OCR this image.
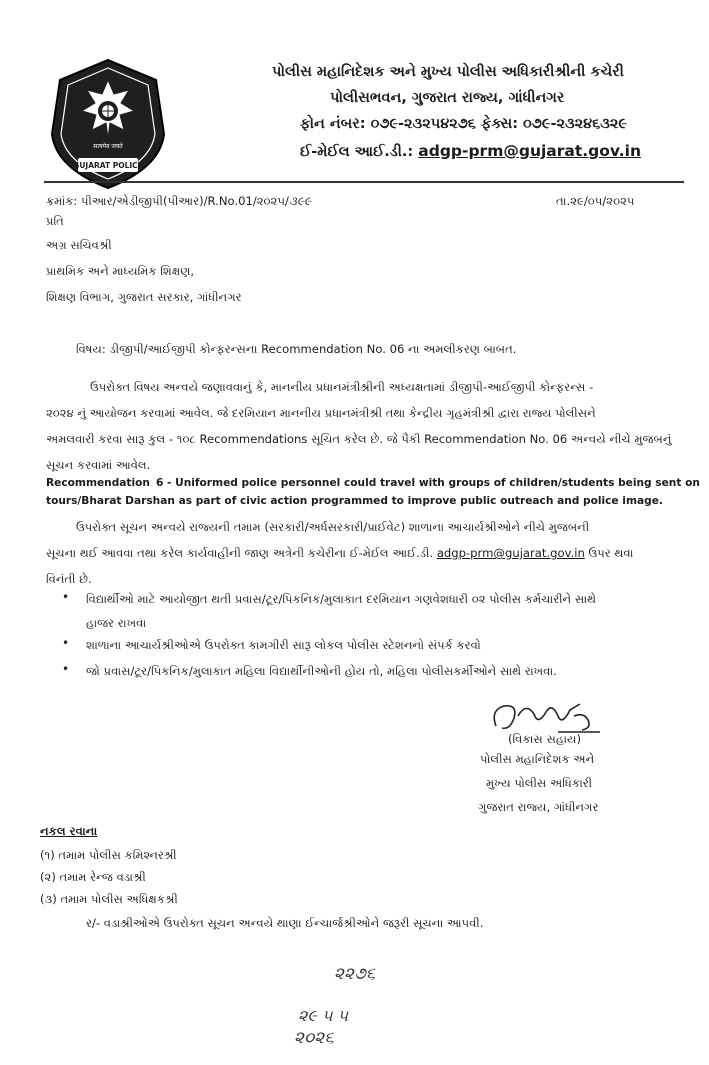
सत्यमेव जयते
GUJARAT POLICE
પોલીસ મહાનિદેશક અને મુખ્ય પોલીસ અધિકારીશ્રીની કચેરી
પોલીસભવન, ગુજરાત રાજ્ય, ગાંધીનગર
ફોન નંબર: ૦૭૯-૨૩૨૫૪૨૭૬ ફેક્સ: ૦૭૯-૨૩૨૪૬૩૨૯
ઈ-મેઈલ આઈ.ડી.: adgp-prm@gujarat.gov.in
ક્રમાંક: પીઆર/એડીજીપી(પીઆર)/R.No.01/૨૦૨૫/૩૯૯	તા.૨૯/૦૫/૨૦૨૫
પ્રતિ
અગ્ર સચિવશ્રી
પ્રાથમિક અને માધ્યમિક શિક્ષણ,
શિક્ષણ વિભાગ, ગુજરાત સરકાર, ગાંધીનગર
વિષય: ડીજીપી/આઈજીપી કોન્ફરન્સના Recommendation No. 06 ના અમલીકરણ બાબત.
ઉપરોક્ત વિષય અન્વયે જણાવવાનું કે, માનનીય પ્રધાનમંત્રીશ્રીની અધ્યક્ષતામાં ડીજીપી-આઈજીપી કોન્ફરન્સ -
૨૦૨૪ નું આયોજન કરવામાં આવેલ. જે દરમિયાન માનનીય પ્રધાનમંત્રીશ્રી તથા કેન્દ્રીય ગૃહમંત્રીશ્રી દ્વારા રાજ્ય પોલીસને
અમલવારી કરવા સારૂ કુલ - ૧૦૮ Recommendations સૂચિત કરેલ છે. જે પૈકી Recommendation No. 06 અન્વયે નીચે મુજબનું
સૂચન કરવામાં આવેલ.
Recommendation 6 - Uniformed police personnel could travel with groups of children/students being sent on
tours/Bharat Darshan as part of civic action programmed to improve public outreach and police image.
ઉપરોક્ત સૂચન અન્વયે રાજ્યની તમામ (સરકારી/અર્ધસરકારી/પ્રાઈવેટ) શાળાના આચાર્યશ્રીઓને નીચે મુજબની
સૂચના થઈ આવવા તથા કરેલ કાર્યવાહીની જાણ અત્રેની કચેરીના ઈ-મેઈલ આઈ.ડી. adgp-prm@gujarat.gov.in ઉપર થવા
વિનંતી છે.
• વિદ્યાર્થીઓ માટે આયોજીત થતી પ્રવાસ/ટૂર/પિકનિક/મુલાકાત દરમિયાન ગણવેશધારી ૦૨ પોલીસ કર્મચારીને સાથે
હાજર રાખવા
• શાળાના આચાર્યશ્રીઓએ ઉપરોક્ત કામગીરી સારૂ લોકલ પોલીસ સ્ટેશનનો સંપર્ક કરવો
• જો પ્રવાસ/ટૂર/પિકનિક/મુલાકાત મહિલા વિદ્યાર્થીનીઓની હોય તો, મહિલા પોલીસકર્મીઓને સાથે રાખવા.
(વિકાસ સહાય)
પોલીસ મહાનિદેશક અને
મુખ્ય પોલીસ અધિકારી
ગુજરાત રાજ્ય, ગાંધીનગર
નકલ રવાના
(૧) તમામ પોલીસ કમિશ્નરશ્રી
(૨) તમામ રેન્જ વડાશ્રી
(૩) તમામ પોલીસ અધિક્ષકશ્રી
ર/- વડાશ્રીઓએ ઉપરોક્ત સૂચન અન્વયે થાણા ઈન્ચાર્જશ્રીઓને જરૂરી સૂચના આપવી.
૨૨૭૬
૨૯ ૫ ૫
૨૦૨૬
